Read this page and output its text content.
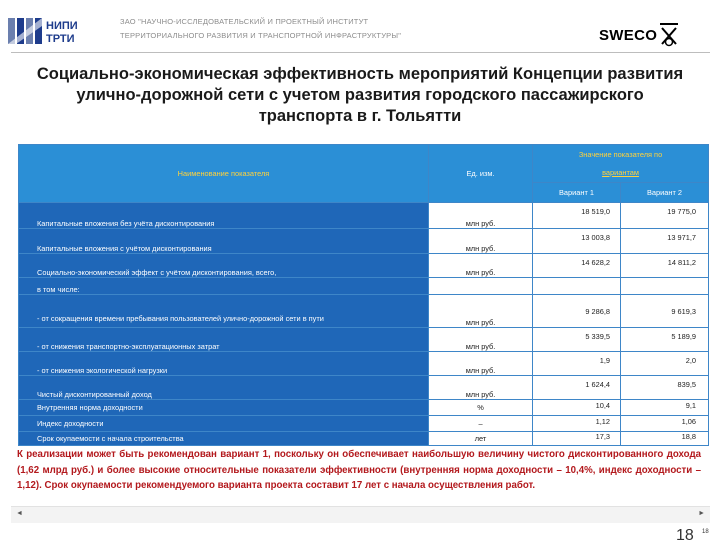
НИПИ
ТРТИ
ЗАО "НАУЧНО-ИССЛЕДОВАТЕЛЬСКИЙ И ПРОЕКТНЫЙ ИНСТИТУТ
ТЕРРИТОРИАЛЬНОГО РАЗВИТИЯ И ТРАНСПОРТНОЙ ИНФРАСТРУКТУРЫ"	SWECO
Социально-экономическая эффективность мероприятий Концепции развития улично-дорожной сети с учетом развития городского пассажирского транспорта в г. Тольятти
Наименование показателя	Ед. изм.	Значение показателя по
вариантам	

		Вариант 1	Вариант 2
Капитальные вложения без учёта дисконтирования	млн руб.	18 519,0	19 775,0
Капитальные вложения с учётом дисконтирования	млн руб.	13 003,8	13 971,7
Социально-экономический эффект с учётом дисконтирования, всего,	млн руб.	14 628,2	14 811,2
в том числе:			
- от сокращения времени пребывания пользователей улично-дорожной сети в пути	млн руб.	9 286,8	9 619,3
- от снижения транспортно-эксплуатационных затрат	млн руб.	5 339,5	5 189,9
- от снижения экологической нагрузки	млн руб.	1,9	2,0
Чистый дисконтированный доход	млн руб.	1 624,4	839,5
Внутренняя норма доходности	%	10,4	9,1
Индекс доходности	–	1,12	1,06
Срок окупаемости с начала строительства	лет	17,3	18,8
К реализации может быть рекомендован вариант 1, поскольку он обеспечивает наибольшую величину чистого дисконтированного дохода (1,62 млрд руб.) и более высокие относительные показатели эффективности (внутренняя норма доходности – 10,4%, индекс доходности – 1,12). Срок окупаемости рекомендуемого варианта проекта составит 17 лет с начала осуществления работ.
◄	►
18 18
